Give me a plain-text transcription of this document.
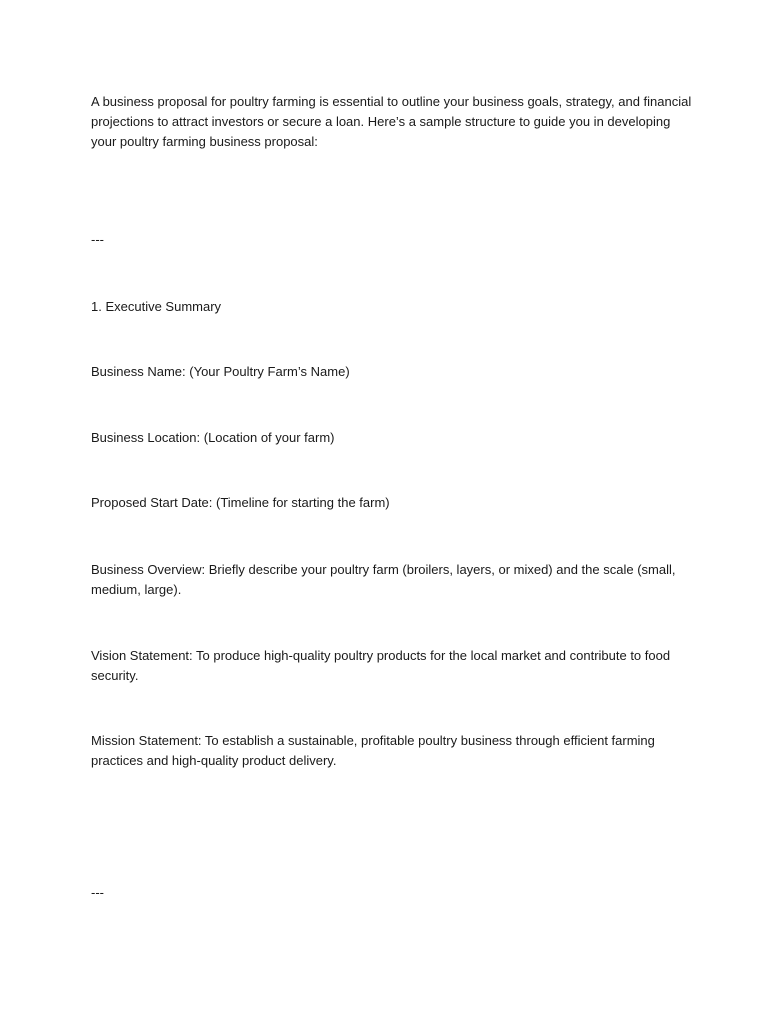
A business proposal for poultry farming is essential to outline your business goals, strategy, and financial
projections to attract investors or secure a loan. Here’s a sample structure to guide you in developing
your poultry farming business proposal:

---

1. Executive Summary

Business Name: (Your Poultry Farm’s Name)

Business Location: (Location of your farm)

Proposed Start Date: (Timeline for starting the farm)

Business Overview: Briefly describe your poultry farm (broilers, layers, or mixed) and the scale (small,
medium, large).

Vision Statement: To produce high-quality poultry products for the local market and contribute to food
security.

Mission Statement: To establish a sustainable, profitable poultry business through efficient farming
practices and high-quality product delivery.

---
